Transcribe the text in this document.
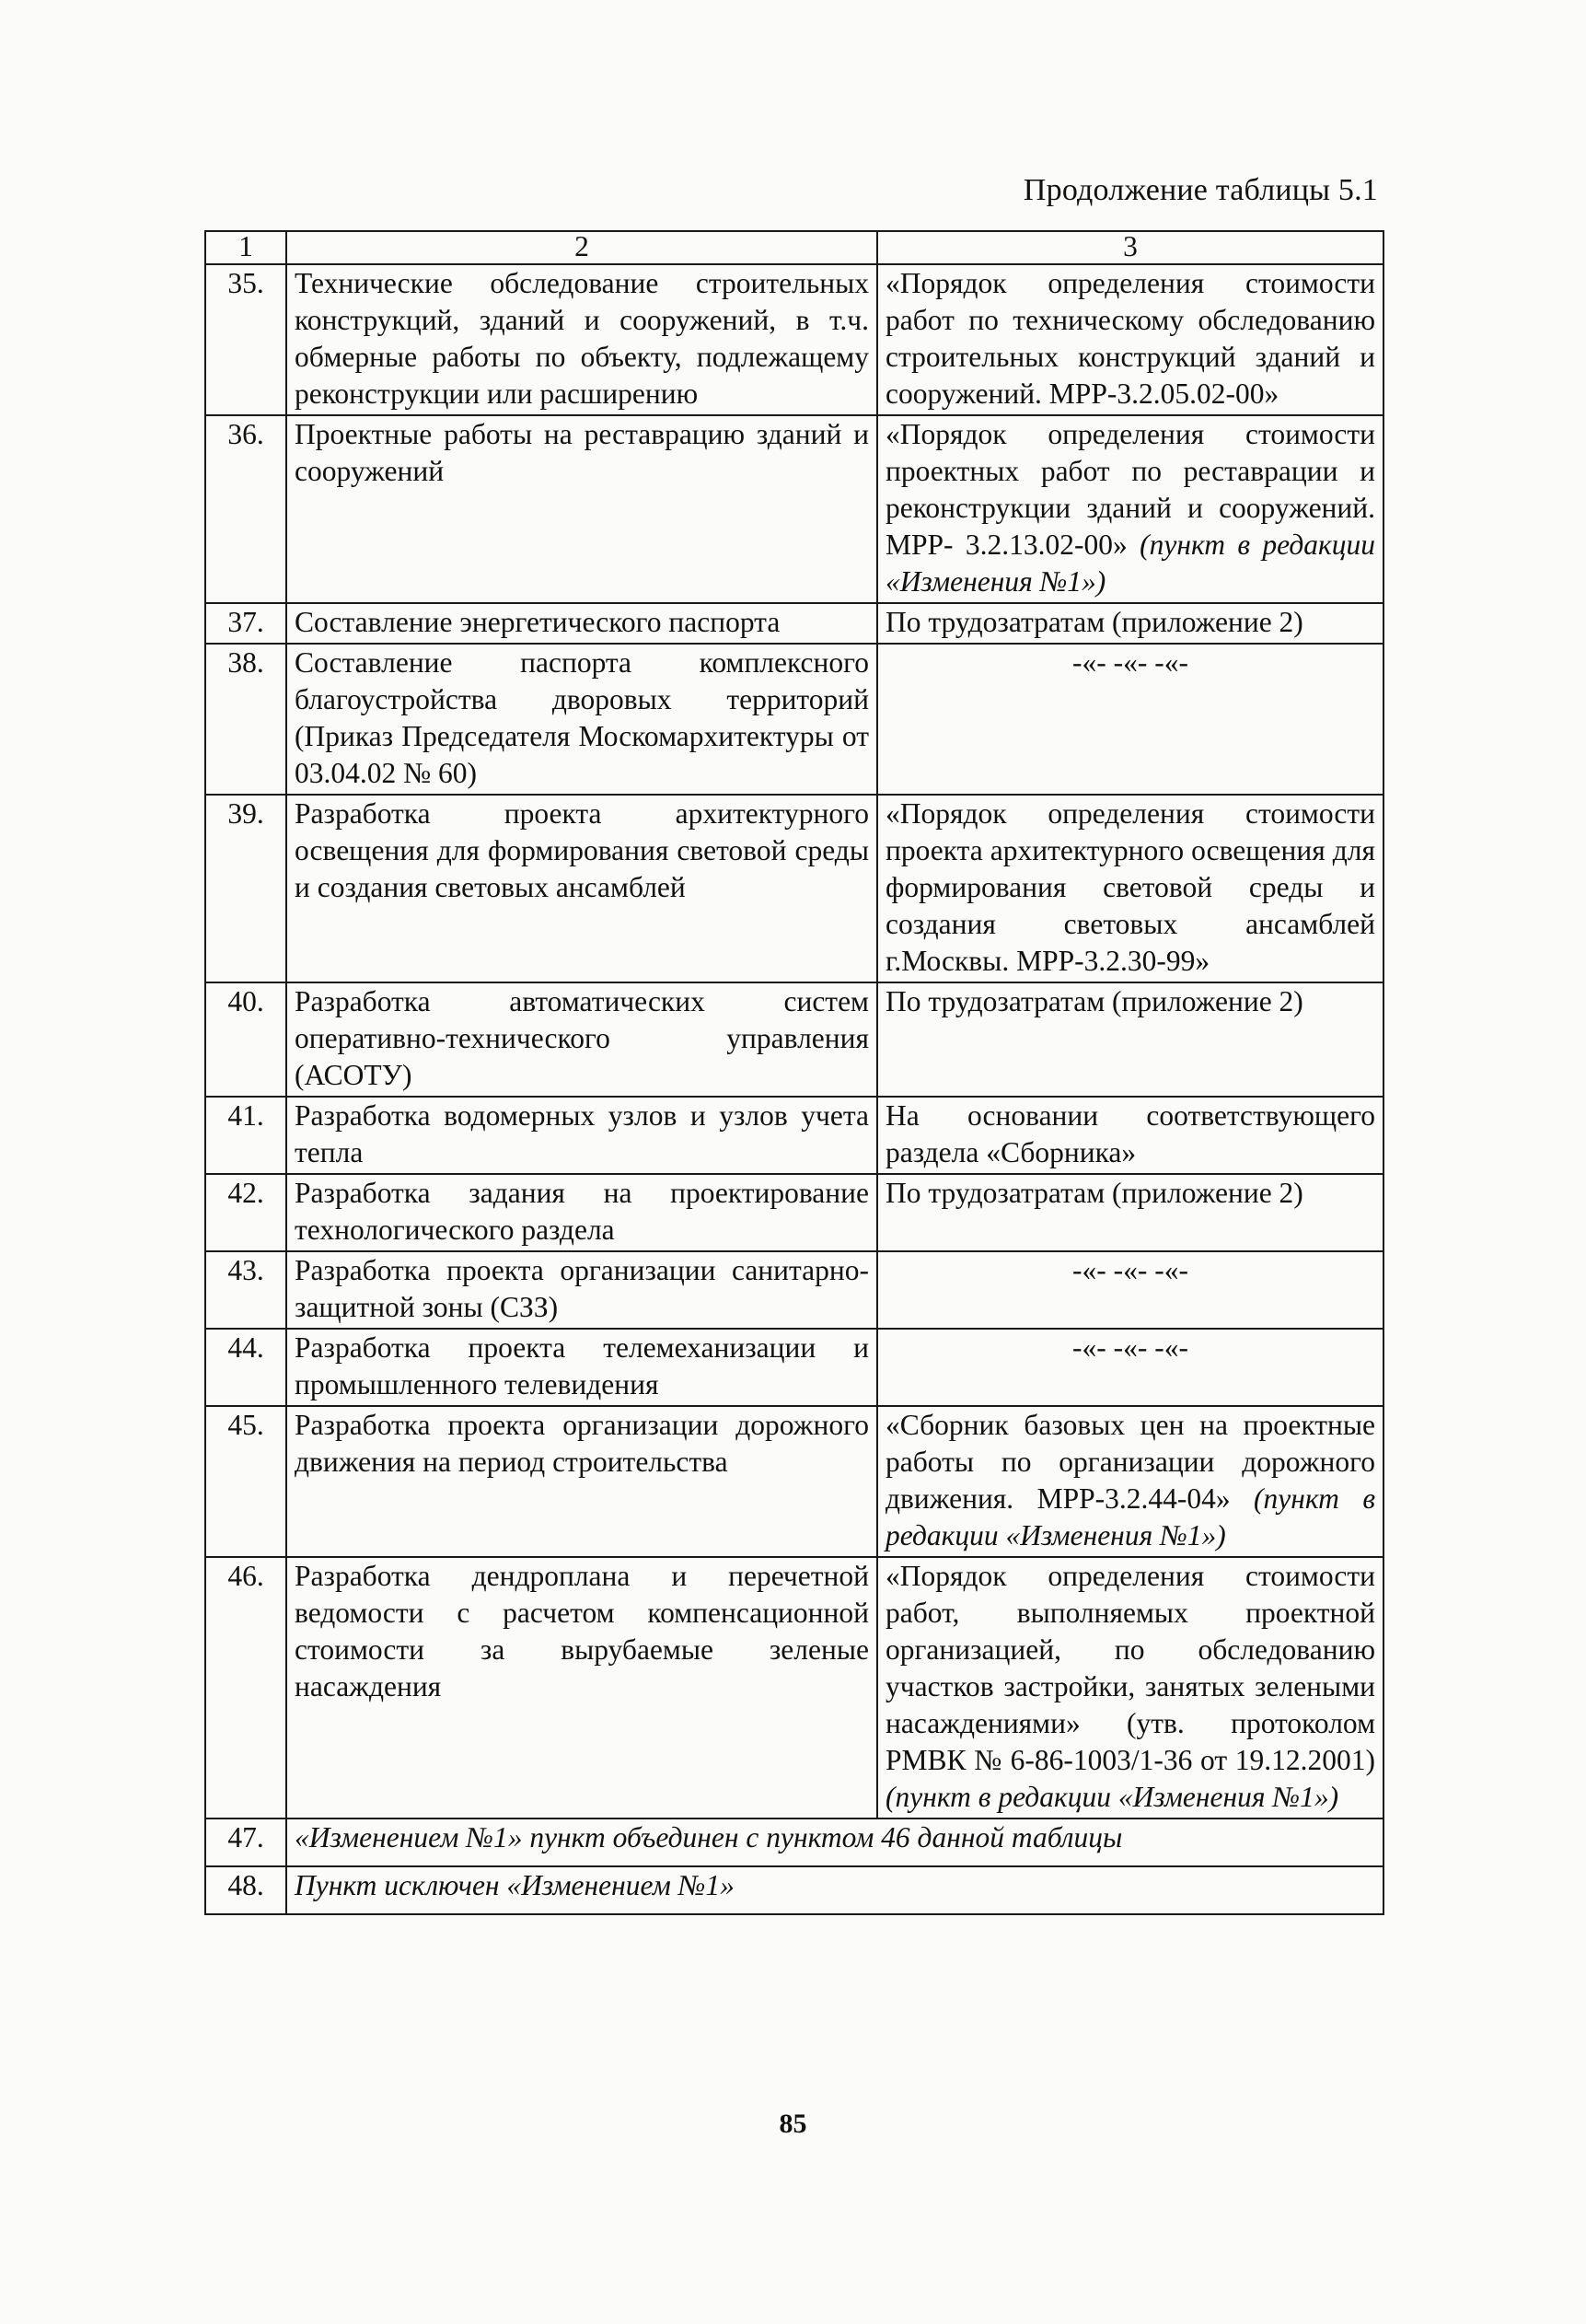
Продолжение таблицы 5.1
1	2	3
35.	Технические обследование строительных конструкций, зданий и сооружений, в т.ч. обмерные работы по объекту, подлежащему реконструкции или расширению	«Порядок определения стоимости работ по техническому обследованию строительных конструкций зданий и сооружений. МРР-3.2.05.02-00»
36.	Проектные работы на реставрацию зданий и сооружений	«Порядок определения стоимости проектных работ по реставрации и реконструкции зданий и сооружений. МРР- 3.2.13.02-00» (пункт в редакции «Изменения №1»)
37.	Составление энергетического паспорта	По трудозатратам (приложение 2)
38.	Составление паспорта комплексного благоустройства дворовых территорий (Приказ Председателя Москомархитектуры от 03.04.02 № 60)	-«- -«- -«-
39.	Разработка проекта архитектурного освещения для формирования световой среды и создания световых ансамблей	«Порядок определения стоимости проекта архитектурного освещения для формирования световой среды и создания световых ансамблей г.Москвы. МРР-3.2.30-99»
40.	Разработка автоматических систем оперативно-технического управления (АСОТУ)	По трудозатратам (приложение 2)
41.	Разработка водомерных узлов и узлов учета тепла	На основании соответствующего раздела «Сборника»
42.	Разработка задания на проектирование технологического раздела	По трудозатратам (приложение 2)
43.	Разработка проекта организации санитарно-защитной зоны (СЗЗ)	-«- -«- -«-
44.	Разработка проекта телемеханизации и промышленного телевидения	-«- -«- -«-
45.	Разработка проекта организации дорожного движения на период строительства	«Сборник базовых цен на проектные работы по организации дорожного движения. МРР-3.2.44-04» (пункт в редакции «Изменения №1»)
46.	Разработка дендроплана и перечетной ведомости с расчетом компенсационной стоимости за вырубаемые зеленые насаждения	«Порядок определения стоимости работ, выполняемых проектной организацией, по обследованию участков застройки, занятых зелеными насаждениями» (утв. протоколом РМВК № 6-86-1003/1-36 от 19.12.2001) (пункт в редакции «Изменения №1»)
47.	«Изменением №1» пункт объединен с пунктом 46 данной таблицы	
48.	Пункт исключен «Изменением №1»	
85
